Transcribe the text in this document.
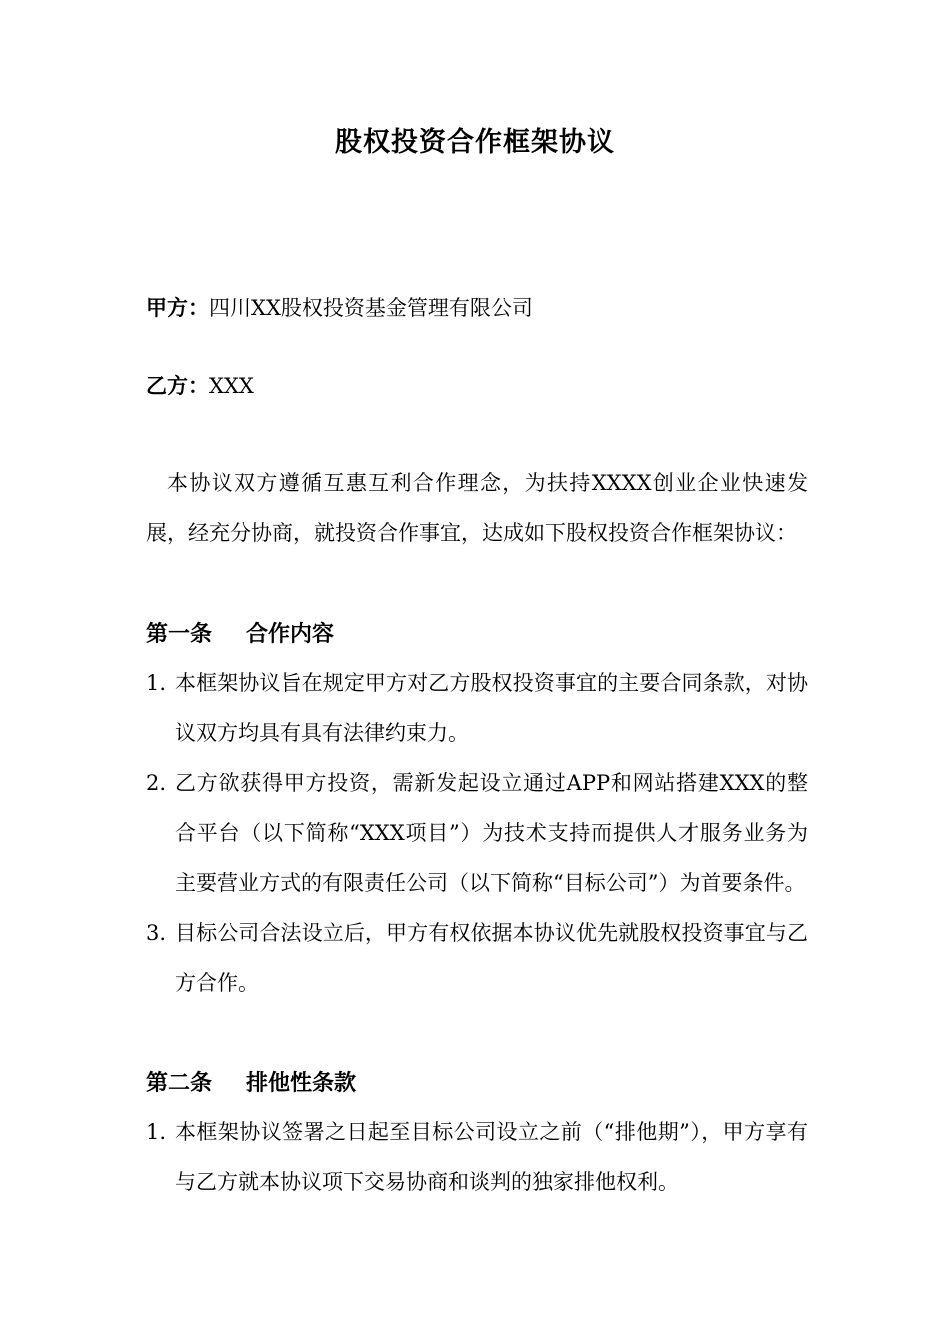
股权投资合作框架协议
甲方：四川XX股权投资基金管理有限公司
乙方：XXX
本协议双方遵循互惠互利合作理念，为扶持XXXX创业企业快速发展，经充分协商，就投资合作事宜，达成如下股权投资合作框架协议：
第一条 合作内容
1. 本框架协议旨在规定甲方对乙方股权投资事宜的主要合同条款，对协议双方均具有具有法律约束力。
2. 乙方欲获得甲方投资，需新发起设立通过APP和网站搭建XXX的整合平台（以下简称“XXX项目”）为技术支持而提供人才服务业务为主要营业方式的有限责任公司（以下简称“目标公司”）为首要条件。
3. 目标公司合法设立后，甲方有权依据本协议优先就股权投资事宜与乙方合作。
第二条 排他性条款
1. 本框架协议签署之日起至目标公司设立之前（“排他期”），甲方享有与乙方就本协议项下交易协商和谈判的独家排他权利。
